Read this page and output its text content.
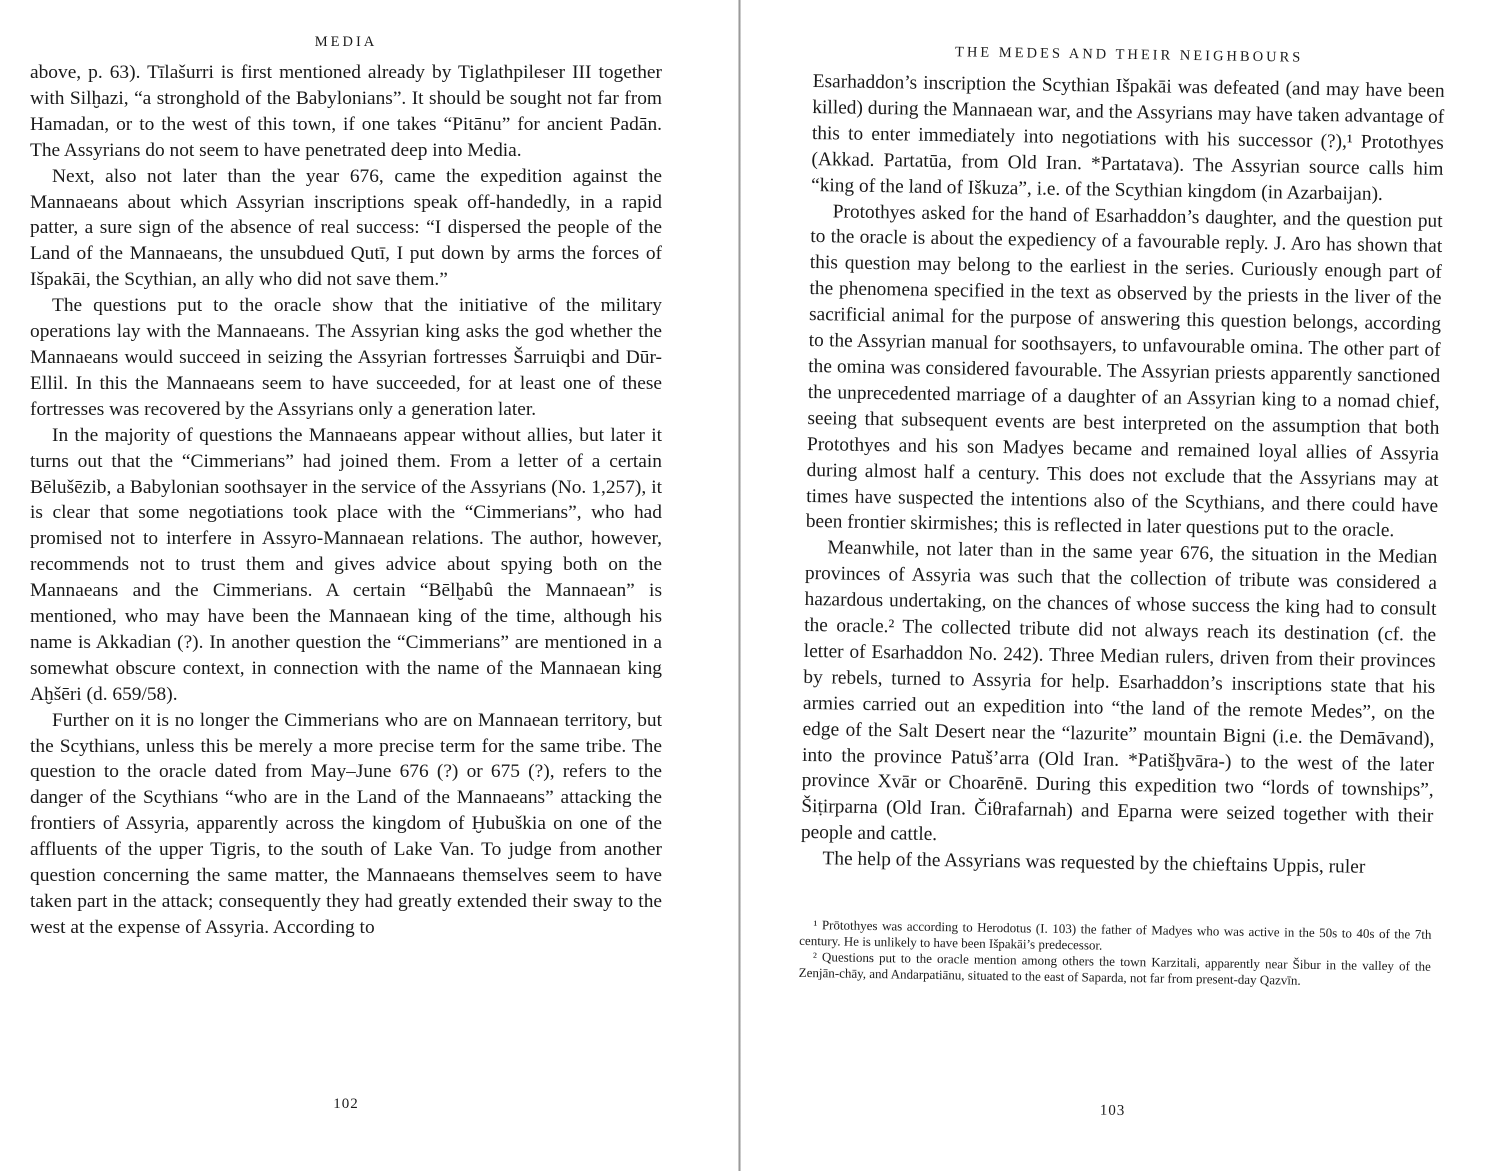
MEDIA

above, p. 63). Tīlašurri is first mentioned already by Tiglathpileser III together with Silḫazi, “a stronghold of the Babylonians”. It should be sought not far from Hamadan, or to the west of this town, if one takes “Pitānu” for ancient Padān. The Assyrians do not seem to have penetrated deep into Media.

Next, also not later than the year 676, came the expedition against the Mannaeans about which Assyrian inscriptions speak off-handedly, in a rapid patter, a sure sign of the absence of real success: “I dispersed the people of the Land of the Mannaeans, the unsubdued Qutī, I put down by arms the forces of Išpakāi, the Scythian, an ally who did not save them.”

The questions put to the oracle show that the initiative of the military operations lay with the Mannaeans. The Assyrian king asks the god whether the Mannaeans would succeed in seizing the Assyrian fortresses Šarruiqbi and Dūr-Ellil. In this the Mannaeans seem to have succeeded, for at least one of these fortresses was recovered by the Assyrians only a generation later.

In the majority of questions the Mannaeans appear without allies, but later it turns out that the “Cimmerians” had joined them. From a letter of a certain Bēlušēzib, a Babylonian soothsayer in the service of the Assyrians (No. 1,257), it is clear that some negotiations took place with the “Cimmerians”, who had promised not to interfere in Assyro-Mannaean relations. The author, however, recommends not to trust them and gives advice about spying both on the Mannaeans and the Cimmerians. A certain “Bēlḫabû the Mannaean” is mentioned, who may have been the Mannaean king of the time, although his name is Akkadian (?). In another question the “Cimmerians” are mentioned in a somewhat obscure context, in connection with the name of the Mannaean king Aḫšēri (d. 659/58).

Further on it is no longer the Cimmerians who are on Mannaean territory, but the Scythians, unless this be merely a more precise term for the same tribe. The question to the oracle dated from May–June 676 (?) or 675 (?), refers to the danger of the Scythians “who are in the Land of the Mannaeans” attacking the frontiers of Assyria, apparently across the kingdom of Ḫubuškia on one of the affluents of the upper Tigris, to the south of Lake Van. To judge from another question concerning the same matter, the Mannaeans themselves seem to have taken part in the attack; consequently they had greatly extended their sway to the west at the expense of Assyria. According to

102
THE MEDES AND THEIR NEIGHBOURS

Esarhaddon’s inscription the Scythian Išpakāi was defeated (and may have been killed) during the Mannaean war, and the Assyrians may have taken advantage of this to enter immediately into negotiations with his successor (?),¹ Protothyes (Akkad. Partatūa, from Old Iran. *Partatava). The Assyrian source calls him “king of the land of Iškuza”, i.e. of the Scythian kingdom (in Azarbaijan).

Protothyes asked for the hand of Esarhaddon’s daughter, and the question put to the oracle is about the expediency of a favourable reply. J. Aro has shown that this question may belong to the earliest in the series. Curiously enough part of the phenomena specified in the text as observed by the priests in the liver of the sacrificial animal for the purpose of answering this question belongs, according to the Assyrian manual for soothsayers, to unfavourable omina. The other part of the omina was considered favourable. The Assyrian priests apparently sanctioned the unprecedented marriage of a daughter of an Assyrian king to a nomad chief, seeing that subsequent events are best interpreted on the assumption that both Protothyes and his son Madyes became and remained loyal allies of Assyria during almost half a century. This does not exclude that the Assyrians may at times have suspected the intentions also of the Scythians, and there could have been frontier skirmishes; this is reflected in later questions put to the oracle.

Meanwhile, not later than in the same year 676, the situation in the Median provinces of Assyria was such that the collection of tribute was considered a hazardous undertaking, on the chances of whose success the king had to consult the oracle.² The collected tribute did not always reach its destination (cf. the letter of Esarhaddon No. 242). Three Median rulers, driven from their provinces by rebels, turned to Assyria for help. Esarhaddon’s inscriptions state that his armies carried out an expedition into “the land of the remote Medes”, on the edge of the Salt Desert near the “lazurite” mountain Bigni (i.e. the Demāvand), into the province Patuš’arra (Old Iran. *Patišḫvāra-) to the west of the later province Xvār or Choarēnē. During this expedition two “lords of townships”, Šiṭirparna (Old Iran. Čiθrafarnah) and Eparna were seized together with their people and cattle.

The help of the Assyrians was requested by the chieftains Uppis, ruler

¹ Prōtothyes was according to Herodotus (I. 103) the father of Madyes who was active in the 50s to 40s of the 7th century. He is unlikely to have been Išpakāi’s predecessor.

² Questions put to the oracle mention among others the town Karzitali, apparently near Šibur in the valley of the Zenjān-chāy, and Andarpatiānu, situated to the east of Saparda, not far from present-day Qazvīn.

103
